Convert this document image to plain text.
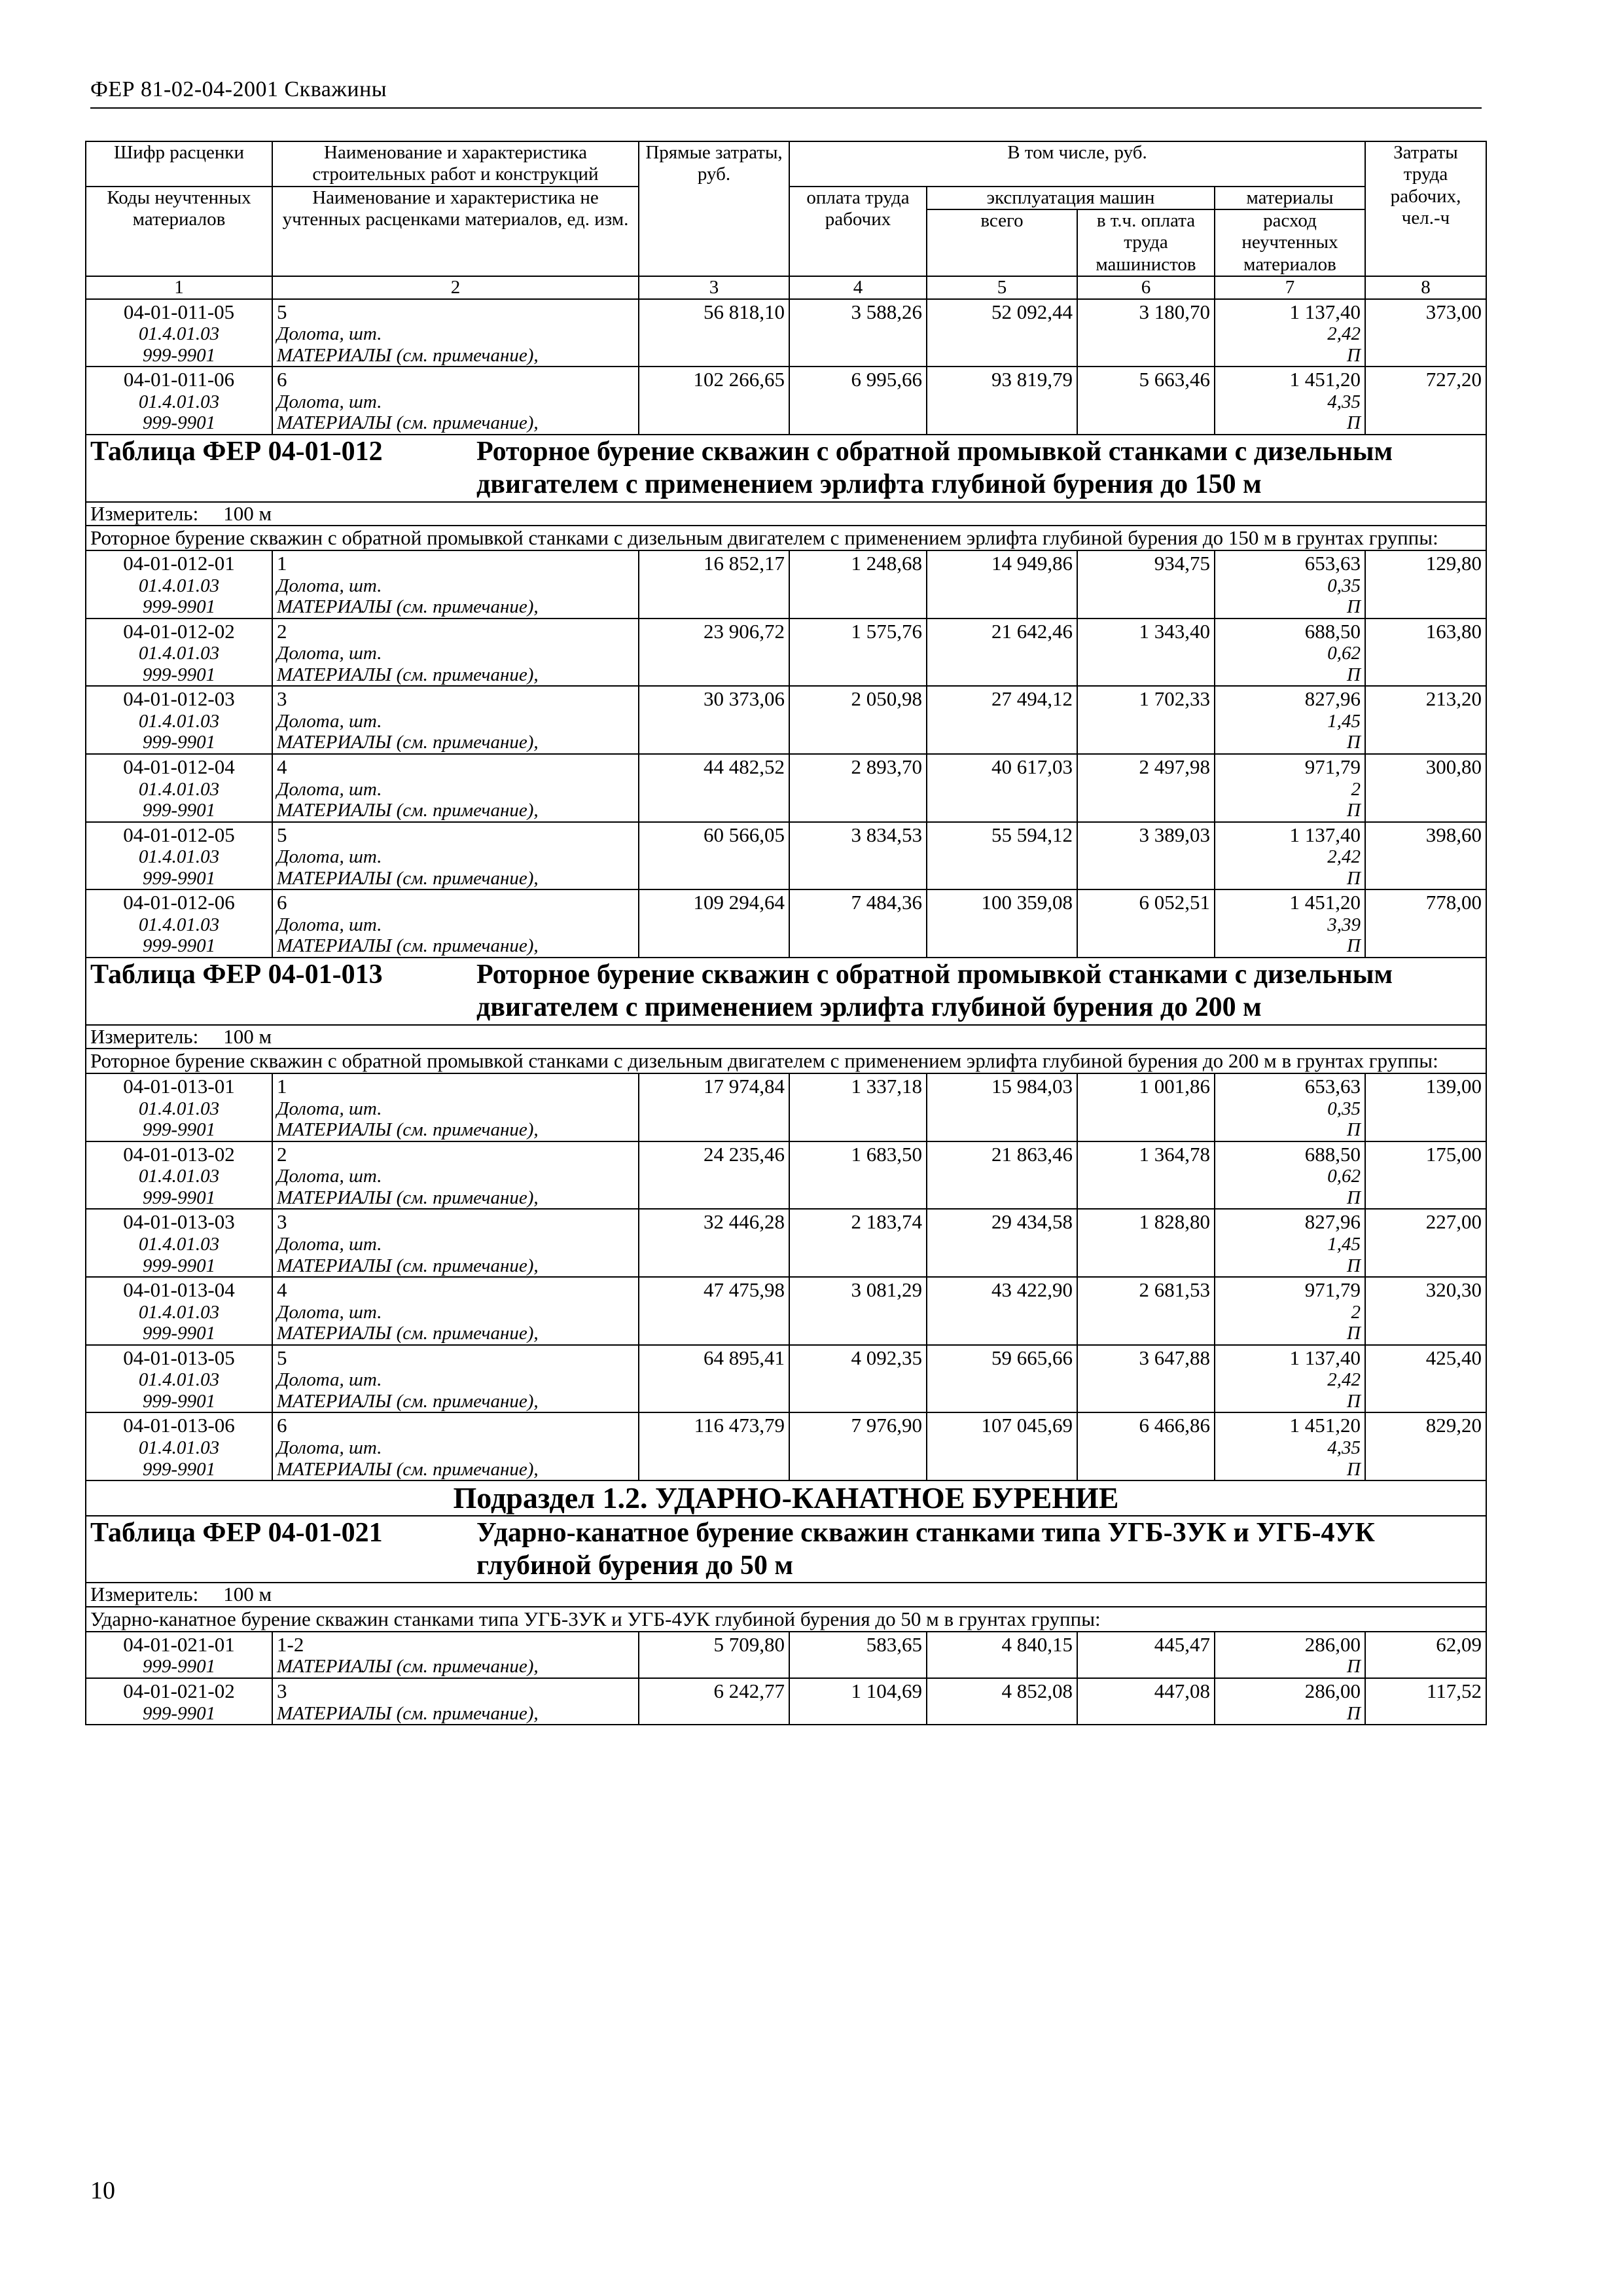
ФЕР 81-02-04-2001 Скважины
Шифр расценки	Наименование и характеристика строительных работ и конструкций	Прямые затраты, руб.	В том числе, руб.				Затраты труда рабочих, чел.-ч
Коды неучтенных материалов	Наименование и характеристика не учтенных расценками материалов, ед. изм.		оплата труда рабочих	эксплуатация машин		материалы	
				всего	в т.ч. оплата труда машинистов	расход неучтенных материалов	
1	2	3	4	5	6	7	8
04-01-011-05	5	56 818,10	3 588,26	52 092,44	3 180,70	1 137,40	373,00
01.4.01.03	Долота, шт.					2,42	
999-9901	МАТЕРИАЛЫ (см. примечание),					П	
04-01-011-06	6	102 266,65	6 995,66	93 819,79	5 663,46	1 451,20	727,20
01.4.01.03	Долота, шт.					4,35	
999-9901	МАТЕРИАЛЫ (см. примечание),					П	

Таблица ФЕР 04-01-012 Роторное бурение скважин с обратной промывкой станками с дизельным двигателем с применением эрлифта глубиной бурения до 150 м							

Измеритель: 100 м							
Роторное бурение скважин с обратной промывкой станками с дизельным двигателем с применением эрлифта глубиной бурения до 150 м в грунтах группы:							
04-01-012-01	1	16 852,17	1 248,68	14 949,86	934,75	653,63	129,80
01.4.01.03	Долота, шт.					0,35	
999-9901	МАТЕРИАЛЫ (см. примечание),					П	
04-01-012-02	2	23 906,72	1 575,76	21 642,46	1 343,40	688,50	163,80
01.4.01.03	Долота, шт.					0,62	
999-9901	МАТЕРИАЛЫ (см. примечание),					П	
04-01-012-03	3	30 373,06	2 050,98	27 494,12	1 702,33	827,96	213,20
01.4.01.03	Долота, шт.					1,45	
999-9901	МАТЕРИАЛЫ (см. примечание),					П	
04-01-012-04	4	44 482,52	2 893,70	40 617,03	2 497,98	971,79	300,80
01.4.01.03	Долота, шт.					2	
999-9901	МАТЕРИАЛЫ (см. примечание),					П	
04-01-012-05	5	60 566,05	3 834,53	55 594,12	3 389,03	1 137,40	398,60
01.4.01.03	Долота, шт.					2,42	
999-9901	МАТЕРИАЛЫ (см. примечание),					П	
04-01-012-06	6	109 294,64	7 484,36	100 359,08	6 052,51	1 451,20	778,00
01.4.01.03	Долота, шт.					3,39	
999-9901	МАТЕРИАЛЫ (см. примечание),					П	

Таблица ФЕР 04-01-013 Роторное бурение скважин с обратной промывкой станками с дизельным двигателем с применением эрлифта глубиной бурения до 200 м							

Измеритель: 100 м							
Роторное бурение скважин с обратной промывкой станками с дизельным двигателем с применением эрлифта глубиной бурения до 200 м в грунтах группы:							
04-01-013-01	1	17 974,84	1 337,18	15 984,03	1 001,86	653,63	139,00
01.4.01.03	Долота, шт.					0,35	
999-9901	МАТЕРИАЛЫ (см. примечание),					П	
04-01-013-02	2	24 235,46	1 683,50	21 863,46	1 364,78	688,50	175,00
01.4.01.03	Долота, шт.					0,62	
999-9901	МАТЕРИАЛЫ (см. примечание),					П	
04-01-013-03	3	32 446,28	2 183,74	29 434,58	1 828,80	827,96	227,00
01.4.01.03	Долота, шт.					1,45	
999-9901	МАТЕРИАЛЫ (см. примечание),					П	
04-01-013-04	4	47 475,98	3 081,29	43 422,90	2 681,53	971,79	320,30
01.4.01.03	Долота, шт.					2	
999-9901	МАТЕРИАЛЫ (см. примечание),					П	
04-01-013-05	5	64 895,41	4 092,35	59 665,66	3 647,88	1 137,40	425,40
01.4.01.03	Долота, шт.					2,42	
999-9901	МАТЕРИАЛЫ (см. примечание),					П	
04-01-013-06	6	116 473,79	7 976,90	107 045,69	6 466,86	1 451,20	829,20
01.4.01.03	Долота, шт.					4,35	
999-9901	МАТЕРИАЛЫ (см. примечание),					П	
Подраздел 1.2. УДАРНО-КАНАТНОЕ БУРЕНИЕ							

Таблица ФЕР 04-01-021 Ударно-канатное бурение скважин станками типа УГБ-3УК и УГБ-4УК глубиной бурения до 50 м							

Измеритель: 100 м							
Ударно-канатное бурение скважин станками типа УГБ-3УК и УГБ-4УК глубиной бурения до 50 м в грунтах группы:							
04-01-021-01	1-2	5 709,80	583,65	4 840,15	445,47	286,00	62,09
999-9901	МАТЕРИАЛЫ (см. примечание),					П	
04-01-021-02	3	6 242,77	1 104,69	4 852,08	447,08	286,00	117,52
999-9901	МАТЕРИАЛЫ (см. примечание),					П	
10
